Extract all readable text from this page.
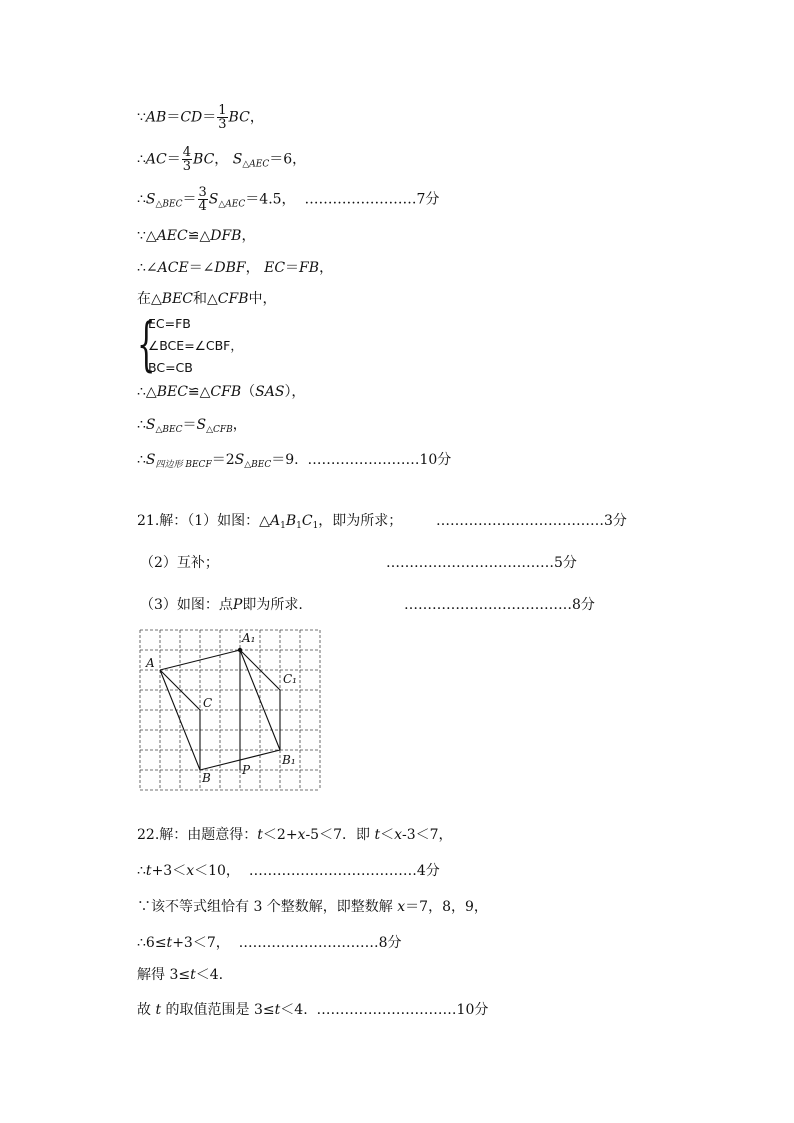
∵AB＝CD＝ $\frac{1}{3}$ BC，
∴AC＝ $\frac{4}{3}$ BC， $S_{\triangle AEC}=6$，
$\therefore S_{\triangle BEC}= \frac{3}{4} S_{\triangle AEC}=4.5$， ……………………7分
∵△AEC≌△DFB，
∴∠ACE＝∠DBF， EC＝FB，
在△BEC和△CFB中，
{
EC=FB
∠BCE=∠CBF，
BC=CB
∴△BEC≌△CFB（SAS），
$\therefore S_{\triangle BEC}=S_{\triangle CFB}$，
$\therefore S_{四边形 BECF}=2S_{\triangle BEC}=9$. ……………………10分
21.解：（1）如图：$\triangle A_1B_1C_1$，即为所求； ………………………………3分
（2）互补；	………………………………5分
（3）如图：点P即为所求.	………………………………8分
A
A₁
C
C₁
B
P
B₁
22.解：由题意得：t＜2+x-5＜7．即 t＜x-3＜7，
∴t+3＜x＜10， ………………………………4分
∵该不等式组恰有 3 个整数解，即整数解 x＝7，8，9，
∴6≤t+3＜7， …………………………8分
解得 3≤t＜4.
故 t 的取值范围是 3≤t＜4. …………………………10分
